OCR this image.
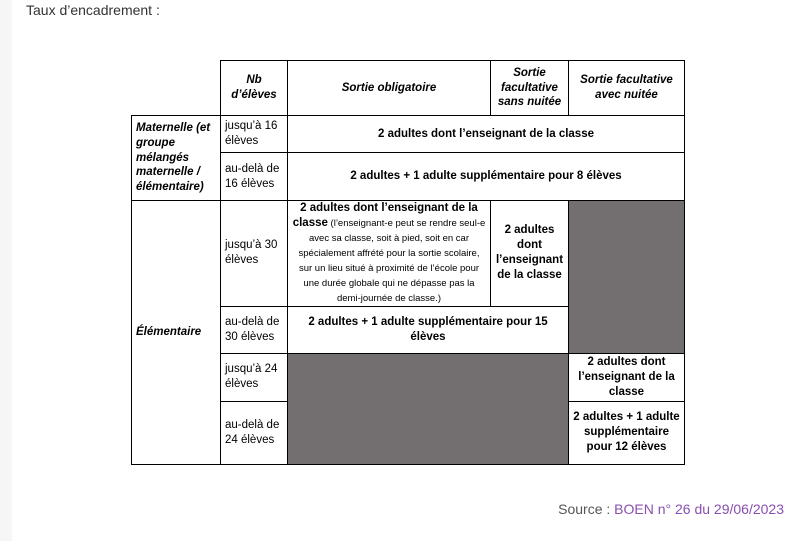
Taux d’encadrement :

	Nb d’élèves	Sortie obligatoire	Sortie facultative sans nuitée	Sortie facultative avec nuitée
Maternelle (et groupe mélangés maternelle / élémentaire)	jusqu’à 16 élèves	2 adultes dont l’enseignant de la classe		
	au-delà de 16 élèves	2 adultes + 1 adulte supplémentaire pour 8 élèves		
Élémentaire	jusqu’à 30 élèves	2 adultes dont l’enseignant de la classe (l’enseignant-e peut se rendre seul-e avec sa classe, soit à pied, soit en car spécialement affrété pour la sortie scolaire, sur un lieu situé à proximité de l’école pour une durée globale qui ne dépasse pas la demi-journée de classe.)	2 adultes dont l’enseignant de la classe	
	au-delà de 30 élèves	2 adultes + 1 adulte supplémentaire pour 15 élèves		
	jusqu’à 24 élèves			2 adultes dont l’enseignant de la classe
	au-delà de 24 élèves			2 adultes + 1 adulte supplémentaire pour 12 élèves
Source : BOEN n° 26 du 29/06/2023
